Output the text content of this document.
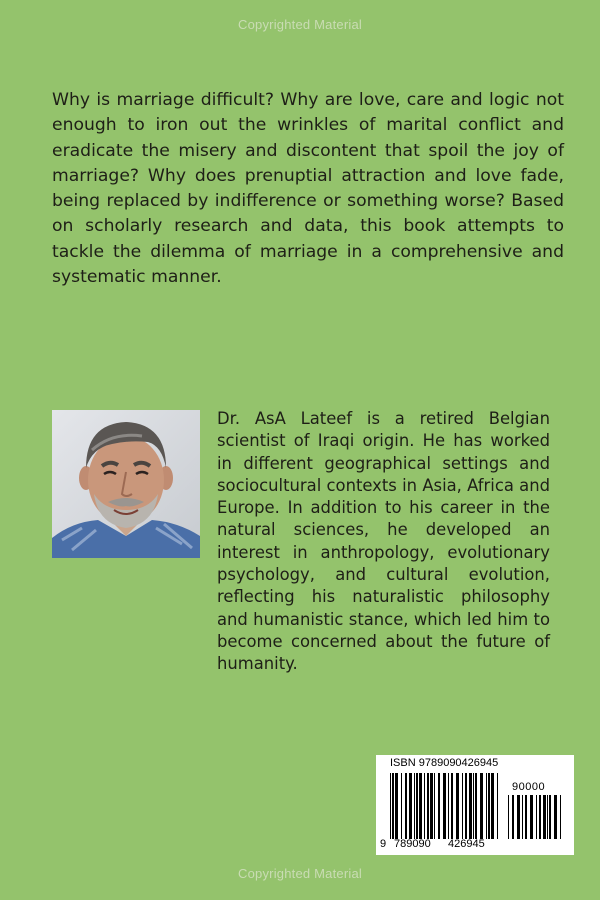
Copyrighted Material

Why is marriage difficult? Why are love, care and logic not enough to iron out the wrinkles of marital conflict and eradicate the misery and discontent that spoil the joy of marriage? Why does prenuptial attraction and love fade, being replaced by indifference or something worse? Based on scholarly research and data, this book attempts to tackle the dilemma of marriage in a comprehensive and systematic manner.

Dr. AsA Lateef is a retired Belgian scientist of Iraqi origin. He has worked in different geographical settings and sociocultural contexts in Asia, Africa and Europe. In addition to his career in the natural sciences, he developed an interest in anthropology, evolutionary psychology, and cultural evolution, reflecting his naturalistic philosophy and humanistic stance, which led him to become concerned about the future of humanity.

ISBN 9789090426945
90000
9 789090 426945
Copyrighted Material
